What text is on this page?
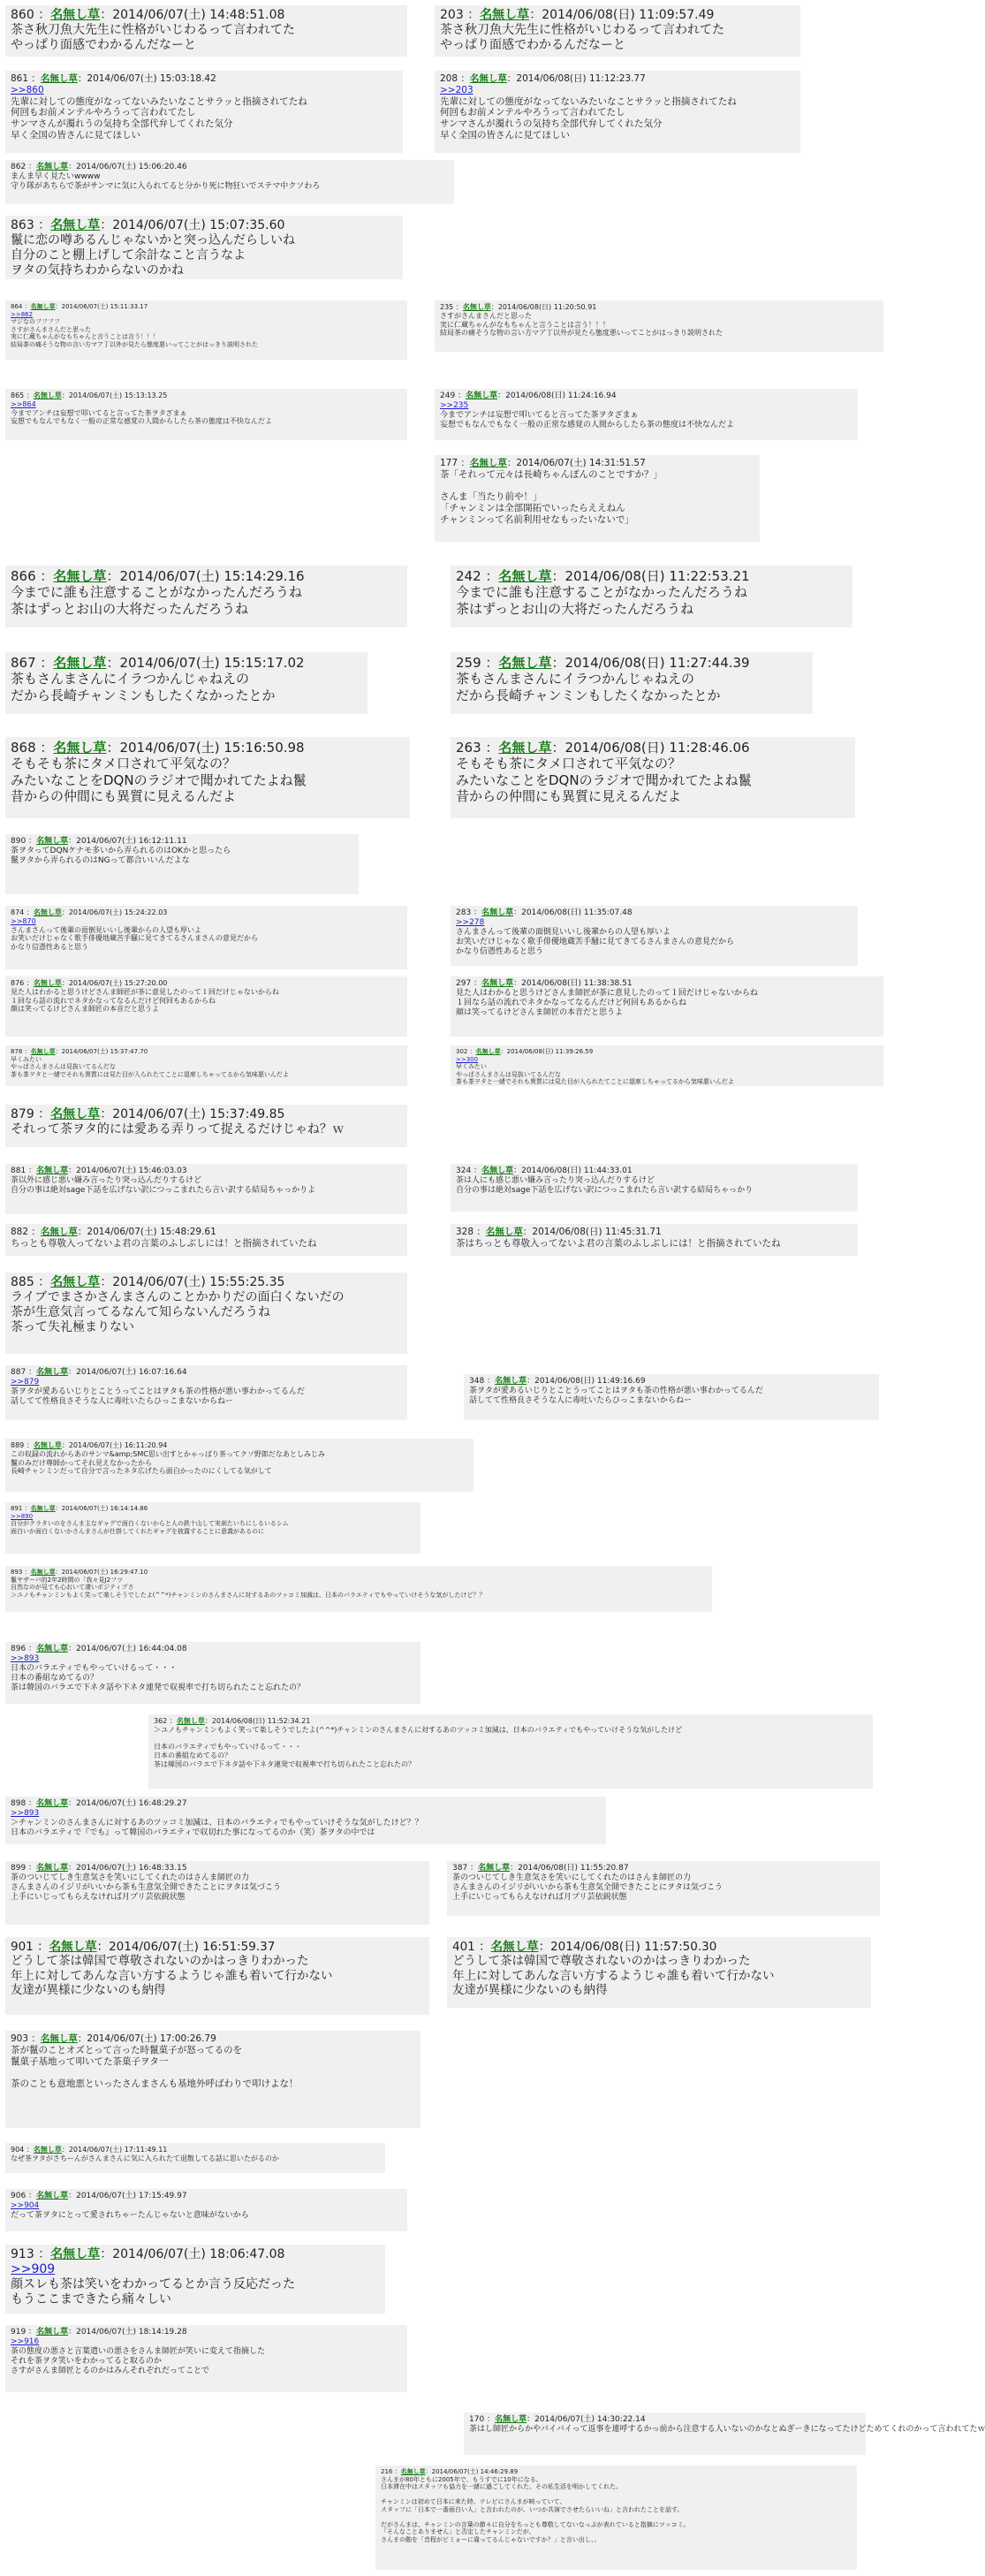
860 ：名無し草：2014/06/07(土) 14:48:51.08
茶さ秋刀魚大先生に性格がいじわるって言われてた
やっぱり面感でわかるんだなーと
203 ：名無し草：2014/06/08(日) 11:09:57.49
茶さ秋刀魚大先生に性格がいじわるって言われてた
やっぱり面感でわかるんだなーと
861 ：名無し草：2014/06/07(土) 15:03:18.42
>>860
先輩に対しての態度がなってないみたいなことサラッと指摘されてたね
何回もお前メンテルやろうって言われてたし
サンマさんが濁れうの気持ち全部代弁してくれた気分
早く全国の皆さんに見てほしい
208 ：名無し草：2014/06/08(日) 11:12:23.77
>>203
先輩に対しての態度がなってないみたいなことサラッと指摘されてたね
何回もお前メンテルやろうって言われてたし
サンマさんが濁れうの気持ち全部代弁してくれた気分
早く全国の皆さんに見てほしい
862 ：名無し草：2014/06/07(土) 15:06:20.46
まんま早く見たいwwww
守り隊があちらで茶がサンマに気に入られてると分かり死に物狂いでステマ中クソわろ
863 ：名無し草：2014/06/07(土) 15:07:35.60
鬣に恋の噂あるんじゃないかと突っ込んだらしいね
自分のこと棚上げして余計なこと言うなよ
ヲタの気持ちわからないのかね
864 ：名無し草：2014/06/07(土) 15:11:33.17
>>862
マジなのフフフフ
さすがさんまさんだと思った
実に仁蔵ちゃんがなもちゃんと言うことは言う！！！
結局茶の痛そうな物の言い方マア丁以外が見たら態度悪いってことがはっきり説明された
235 ：名無し草：2014/06/08(日) 11:20:50.91
さすがさんまさんだと思った
実に仁蔵ちゃんがなもちゃんと言うことは言う！！！
結局茶の痛そうな物の言い方マア丁以外が見たら態度悪いってことがはっきり説明された
865 ：名無し草：2014/06/07(土) 15:13:13.25
>>864
今までアンチは妄想で叩いてると言ってた茶ヲタざまぁ
妄想でもなんでもなく一般の正常な感覚の人間からしたら茶の態度は不快なんだよ
249 ：名無し草：2014/06/08(日) 11:24:16.94
>>235
今までアンチは妄想で叩いてると言ってた茶ヲタざまぁ
妄想でもなんでもなく一般の正常な感覚の人間からしたら茶の態度は不快なんだよ
177 ：名無し草：2014/06/07(土) 14:31:51.57
茶「それって元々は長崎ちゃんぽんのことですか？」

さんま「当たり前や！」
「チャンミンは全部開拓でいったらええねん
チャンミンって名前利用せなもったいないで」
866 ：名無し草：2014/06/07(土) 15:14:29.16
今までに誰も注意することがなかったんだろうね
茶はずっとお山の大将だったんだろうね
242 ：名無し草：2014/06/08(日) 11:22:53.21
今までに誰も注意することがなかったんだろうね
茶はずっとお山の大将だったんだろうね
867 ：名無し草：2014/06/07(土) 15:15:17.02
茶もさんまさんにイラつかんじゃねえの
だから長崎チャンミンもしたくなかったとか
259 ：名無し草：2014/06/08(日) 11:27:44.39
茶もさんまさんにイラつかんじゃねえの
だから長崎チャンミンもしたくなかったとか
868 ：名無し草：2014/06/07(土) 15:16:50.98
そもそも茶にタメ口されて平気なの？
みたいなことをDQNのラジオで聞かれてたよね鬣
昔からの仲間にも異質に見えるんだよ
263 ：名無し草：2014/06/08(日) 11:28:46.06
そもそも茶にタメ口されて平気なの？
みたいなことをDQNのラジオで聞かれてたよね鬣
昔からの仲間にも異質に見えるんだよ
890 ：名無し草：2014/06/07(土) 16:12:11.11
茶ヲタってDQNケナモ多いから弄られるのはOKかと思ったら
鬣ヲタから弄られるのはNGって都合いいんだよな
874 ：名無し草：2014/06/07(土) 15:24:22.03
>>870
さんまさんって後輩の面倒見いいし後輩からの人望も厚いよ
お笑いだけじゃなく歌手俳優地蔵苦手騒に見てきてるさんまさんの意見だから
かなり信憑性あると思う
283 ：名無し草：2014/06/08(日) 11:35:07.48
>>278
さんまさんって後輩の面倒見いいし後輩からの人望も厚いよ
お笑いだけじゃなく歌手俳優地蔵苦手騒に見てきてるさんまさんの意見だから
かなり信憑性あると思う
876 ：名無し草：2014/06/07(土) 15:27:20.00
見た人はわかると思うけどさんま師匠が茶に意見したのって１回だけじゃないからね
１回なら話の流れでネタかなってなるんだけど何回もあるからね
顔は笑ってるけどさんま師匠の本音だと思うよ
297 ：名無し草：2014/06/08(日) 11:38:38.51
見た人はわかると思うけどさんま師匠が茶に意見したのって１回だけじゃないからね
１回なら話の流れでネタかなってなるんだけど何回もあるからね
顔は笑ってるけどさんま師匠の本音だと思うよ
878 ：名無し草：2014/06/07(土) 15:37:47.70
早くみたい
やっぱさんまさんは見抜いてるんだな
茶も茶ヲタと一緒でそれも異質には見た目が入られたてことに退席しちゃってるから気味悪いんだよ
302 ：名無し草：2014/06/08(日) 11:39:26.59
>>300
早くみたい
やっぱさんまさんは見抜いてるんだな
茶も茶ヲタと一緒でそれも異質には見た目が入られたてことに退席しちゃってるから気味悪いんだよ
879 ：名無し草：2014/06/07(土) 15:37:49.85
それって茶ヲタ的には愛ある弄りって捉えるだけじゃね？ｗ
881 ：名無し草：2014/06/07(土) 15:46:03.03
茶以外に感じ悪い嫌み言ったり突っ込んだりするけど
自分の事は絶対sage下話を広げない訳につっこまれたら言い訳する結局ちゃっかりよ
324 ：名無し草：2014/06/08(日) 11:44:33.01
茶は人にも感じ悪い嫌み言ったり突っ込んだりするけど
自分の事は絶対sage下話を広げない訳につっこまれたら言い訳する結局ちゃっかり
882 ：名無し草：2014/06/07(土) 15:48:29.61
ちっとも尊敬入ってないよ君の言葉のふしぶしには！と指摘されていたね
328 ：名無し草：2014/06/08(日) 11:45:31.71
茶はちっとも尊敬入ってないよ君の言葉のふしぶしには！と指摘されていたね
885 ：名無し草：2014/06/07(土) 15:55:25.35
ライブでまさかさんまさんのことかかりだの面白くないだの
茶が生意気言ってるなんて知らないんだろうね
茶って失礼極まりない
887 ：名無し草：2014/06/07(土) 16:07:16.64
>>879
茶ヲタが愛あるいじりとことうってことはヲタも茶の性格が悪い事わかってるんだ
話してて性格良さそうな人に毒吐いたらひっこまないからねー
348 ：名無し草：2014/06/08(日) 11:49:16.69
茶ヲタが愛あるいじりとことうってことはヲタも茶の性格が悪い事わかってるんだ
話してて性格良さそうな人に毒吐いたらひっこまないからねー
889 ：名無し草：2014/06/07(土) 16:11:20.94
この収録の流れからあのサンマ&amp;SMC思い出すとかゃっぱり茶ってクソ野郎だなあとしみじみ
鬣のみだけ尊師かってそれ見えなかったから
長崎チャンミンだって自分で言ったネタ広げたら面白かったのにくしてる気がして
891 ：名無し草：2014/06/07(土) 16:14:14.86
>>890
自分がクラタいのをさんま主なギャグで面白くないからと人の鉄十山して実刹たいちにしるいるシム
面白いか面白くないかさんまさんが仕掛してくれたギャグを披露することに意義があるのに
893 ：名無し草：2014/06/07(土) 16:29:47.10
鬣ヤザーバ的2年2時間の「我々見J2フツ
自然なのが見ても心おいて凄いポジティブさ
＞ユノもチャンミンもよく笑って楽しそうでしたよ(^^*)チャンミンのさんまさんに対するあのツッコミ加減は、日本のバラエティでもやっていけそうな気がしたけど？？
896 ：名無し草：2014/06/07(土) 16:44:04.08
>>893
日本のバラエティでもやっていけるって・・・
日本の番組なめてるの？
茶は韓国のバラエで下ネタ話や下ネタ連発で収視率で打ち切られたこと忘れたの？
362 ：名無し草：2014/06/08(日) 11:52:34.21
＞ユノもチャンミンもよく笑って楽しそうでしたよ(^^*)チャンミンのさんまさんに対するあのツッコミ加減は、日本のバラエティでもやっていけそうな気がしたけど

日本のバラエティでもやっていけるって・・・
日本の番組なめてるの？
茶は韓国のバラエで下ネタ話や下ネタ連発で収視率で打ち切られたこと忘れたの？
898 ：名無し草：2014/06/07(土) 16:48:29.27
>>893
＞チャンミンのさんまさんに対するあのツッコミ加減は、日本のバラエティでもやっていけそうな気がしたけど？？
日本のバラエティで『でも』って韓国のバラエティで収切れた事になってるのか（笑）茶ヲタの中では
899 ：名無し草：2014/06/07(土) 16:48:33.15
茶のついじてしき生意気さを笑いにしてくれたのはさんま師匠の力
さんまさんのイジリがいいから茶も生意気全開できたことにヲタは気づこう
上手にいじってもらえなければ月プリ芸依鋭状態
387 ：名無し草：2014/06/08(日) 11:55:20.87
茶のついじてしき生意気さを笑いにしてくれたのはさんま師匠の力
さんまさんのイジリがいいから茶も生意気全開できたことにヲタは気づこう
上手にいじってもらえなければ月プリ芸依鋭状態
901 ：名無し草：2014/06/07(土) 16:51:59.37
どうして茶は韓国で尊敬されないのかはっきりわかった
年上に対してあんな言い方するようじゃ誰も着いて行かない
友達が異様に少ないのも納得
401 ：名無し草：2014/06/08(日) 11:57:50.30
どうして茶は韓国で尊敬されないのかはっきりわかった
年上に対してあんな言い方するようじゃ誰も着いて行かない
友達が異様に少ないのも納得
903 ：名無し草：2014/06/07(土) 17:00:26.79
茶が鬣のことオズとって言った時鬣菓子が怒ってるのを
鬣菓子基地って叩いてた茶菓子ヲタ一

茶のことも意地悪といったさんまさんも基地外呼ばわりで叩けよな！
904 ：名無し草：2014/06/07(土) 17:11:49.11
なぜ茶ヲタがさちーんがさんまさんに気に入られたて退散してる話に思いたがるのか
906 ：名無し草：2014/06/07(土) 17:15:49.97
>>904
だって茶ヲタにとって愛されちゃーたんじゃないと意味がないから
913 ：名無し草：2014/06/07(土) 18:06:47.08
>>909
顔スレも茶は笑いをわかってるとか言う反応だった
もうここまできたら痛々しい
919 ：名無し草：2014/06/07(土) 18:14:19.28
>>916
茶の態度の悪さと言葉遣いの悪さをさんま師匠が笑いに変えて指摘した
それを茶ヲタ笑いをわかってると取るのか
さすがさんま師匠とるのかはみんそれぞれだってことで
170 ：名無し草：2014/06/07(土) 14:30:22.14
茶はし師匠からかやバイバイって返事を連呼するかっ前から注意する人いないのかなとぬぎーきになってたけどためてくれのかって言われてたｗ
216 ：名無し草：2014/06/07(土) 14:46:29.89
さんまが80年ともに2005年で、もうすでに10年になる。
日本滞在中はスタッフも協力を一緒に過ごしてくれた。その私生活を明かしてくれた。

チャンミンは初めて日本に来た時、テレビにさんまが映っていて、
スタッフに「日本で一番面白い人」と言われたのが、いつか共演でさせたらいいね」と言われたことを話す。

だがさんまは、チャンミンの言葉の節々に自分をちっとも尊敬してないなっぷが表れていると指摘にツッコミ。
「そんなことありません」と否定したチャンミンだが、
さんまの動を「音程がビミョーに違ってるんじゃないですか？」と言い出し、。
